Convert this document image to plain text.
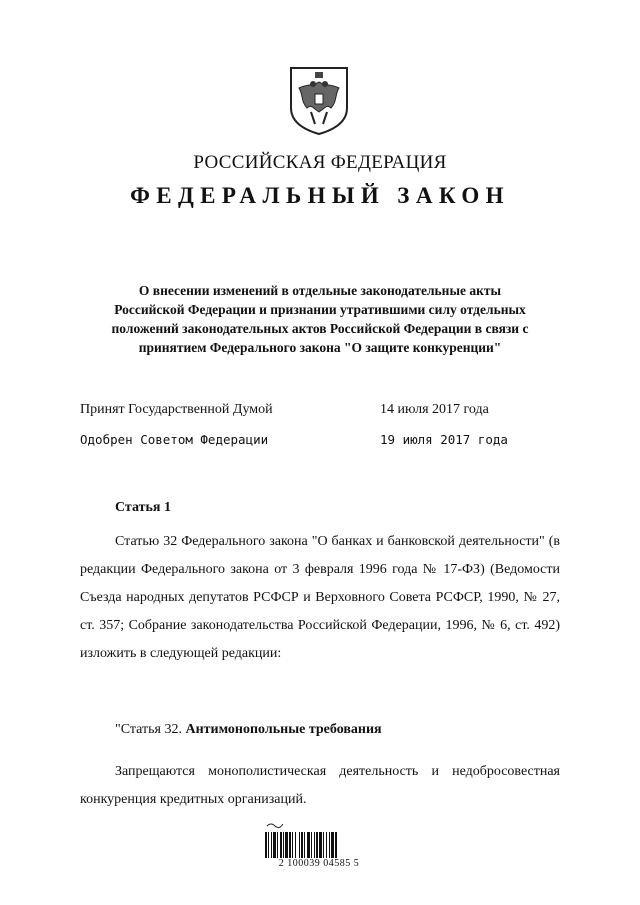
РОССИЙСКАЯ ФЕДЕРАЦИЯ
ФЕДЕРАЛЬНЫЙ ЗАКОН
О внесении изменений в отдельные законодательные акты
Российской Федерации и признании утратившими силу отдельных
положений законодательных актов Российской Федерации в связи с
принятием Федерального закона "О защите конкуренции"
Принят Государственной Думой	14 июля 2017 года
Одобрен Советом Федерации	19 июля 2017 года
Статья 1

Статью 32 Федерального закона "О банках и банковской деятельности" (в редакции Федерального закона от 3 февраля 1996 года № 17-ФЗ) (Ведомости Съезда народных депутатов РСФСР и Верховного Совета РСФСР, 1990, № 27, ст. 357; Собрание законодательства Российской Федерации, 1996, № 6, ст. 492) изложить в следующей редакции:

"Статья 32. Антимонопольные требования

Запрещаются монополистическая деятельность и недобросовестная конкуренция кредитных организаций.

2 100039 04585 5
